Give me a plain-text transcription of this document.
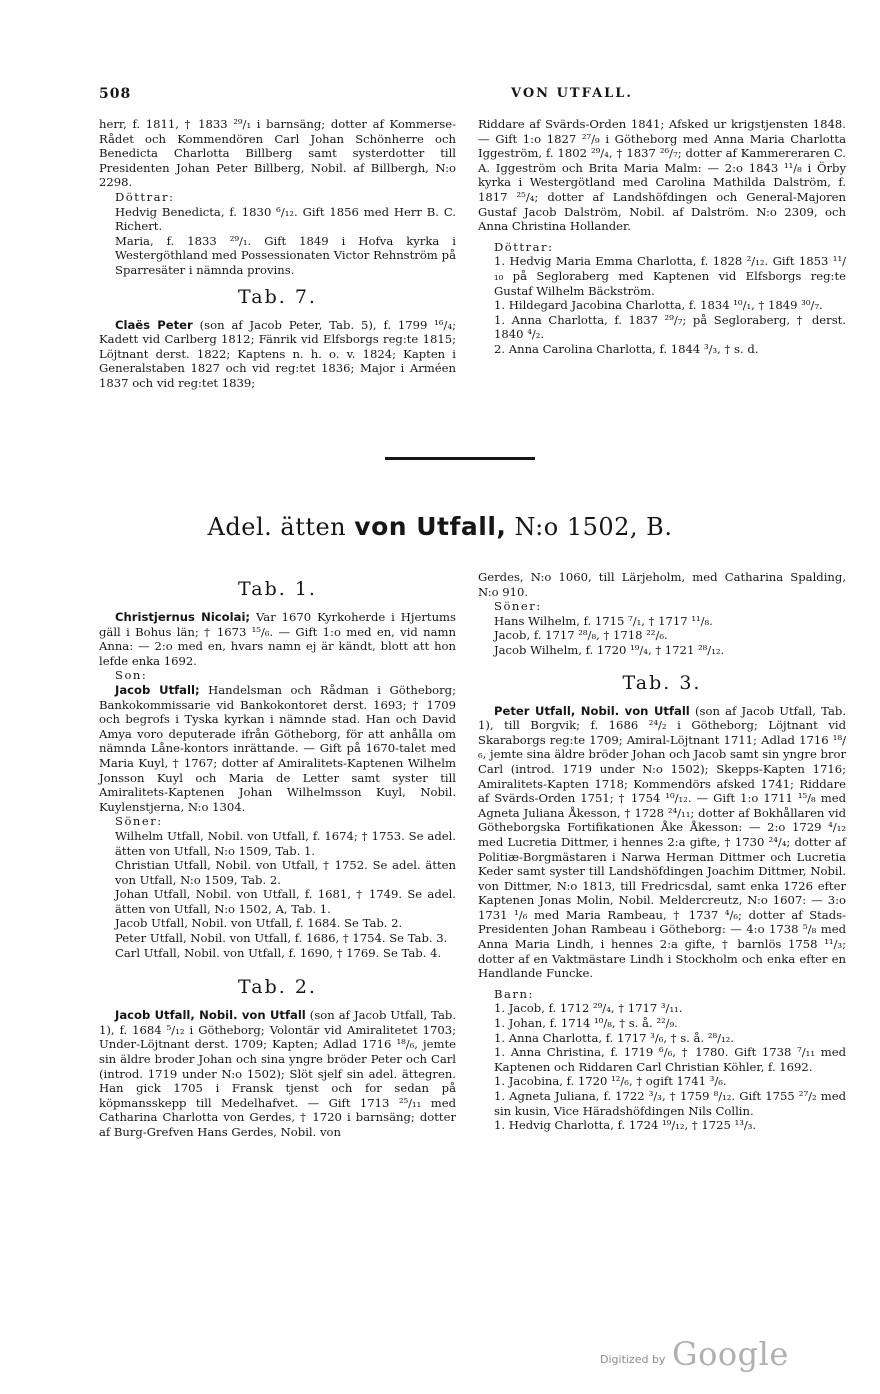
508	VON UTFALL.

herr, f. 1811, † 1833 ²⁹/₁ i barnsäng; dotter af Kommerse-Rådet och Kommendören Carl Johan Schönherre och Benedicta Charlotta Billberg samt systerdotter till Presidenten Johan Peter Billberg, Nobil. af Billbergh, N:o 2298.

Döttrar:

Hedvig Benedicta, f. 1830 ⁶/₁₂. Gift 1856 med Herr B. C. Richert.

Maria, f. 1833 ²⁹/₁. Gift 1849 i Hofva kyrka i Westergöthland med Possessionaten Victor Rehnström på Sparresäter i nämnda provins.

Tab. 7.

Claës Peter (son af Jacob Peter, Tab. 5), f. 1799 ¹⁶/₄; Kadett vid Carlberg 1812; Fänrik vid Elfsborgs reg:te 1815; Löjtnant derst. 1822; Kaptens n. h. o. v. 1824; Kapten i Generalstaben 1827 och vid reg:tet 1836; Major i Arméen 1837 och vid reg:tet 1839;

Riddare af Svärds-Orden 1841; Afsked ur krigstjensten 1848. — Gift 1:o 1827 ²⁷/₉ i Götheborg med Anna Maria Charlotta Iggeström, f. 1802 ²⁹/₄, † 1837 ²⁶/₇; dotter af Kammereraren C. A. Iggeström och Brita Maria Malm: — 2:o 1843 ¹¹/₈ i Örby kyrka i Westergötland med Carolina Mathilda Dalström, f. 1817 ²⁵/₄; dotter af Landshöfdingen och General-Majoren Gustaf Jacob Dalström, Nobil. af Dalström. N:o 2309, och Anna Christina Hollander.

Döttrar:

1. Hedvig Maria Emma Charlotta, f. 1828 ²/₁₂. Gift 1853 ¹¹/₁₀ på Segloraberg med Kaptenen vid Elfsborgs reg:te Gustaf Wilhelm Bäckström.

1. Hildegard Jacobina Charlotta, f. 1834 ¹⁰/₁, † 1849 ³⁰/₇.

1. Anna Charlotta, f. 1837 ²⁹/₇; på Segloraberg, † derst. 1840 ⁴/₂.

2. Anna Carolina Charlotta, f. 1844 ³/₃, † s. d.

Adel. ätten von Utfall, N:o 1502, B.
Tab. 1.

Christjernus Nicolai; Var 1670 Kyrkoherde i Hjertums gäll i Bohus län; † 1673 ¹⁵/₆. — Gift 1:o med en, vid namn Anna: — 2:o med en, hvars namn ej är kändt, blott att hon lefde enka 1692.

Son:

Jacob Utfall; Handelsman och Rådman i Götheborg; Bankokommissarie vid Bankokontoret derst. 1693; † 1709 och begrofs i Tyska kyrkan i nämnde stad. Han och David Amya voro deputerade ifrån Götheborg, för att anhålla om nämnda Låne-kontors inrättande. — Gift på 1670-talet med Maria Kuyl, † 1767; dotter af Amiralitets-Kaptenen Wilhelm Jonsson Kuyl och Maria de Letter samt syster till Amiralitets-Kaptenen Johan Wilhelmsson Kuyl, Nobil. Kuylenstjerna, N:o 1304.

Söner:

Wilhelm Utfall, Nobil. von Utfall, f. 1674; † 1753. Se adel. ätten von Utfall, N:o 1509, Tab. 1.

Christian Utfall, Nobil. von Utfall, † 1752. Se adel. ätten von Utfall, N:o 1509, Tab. 2.

Johan Utfall, Nobil. von Utfall, f. 1681, † 1749. Se adel. ätten von Utfall, N:o 1502, A, Tab. 1.

Jacob Utfall, Nobil. von Utfall, f. 1684. Se Tab. 2.

Peter Utfall, Nobil. von Utfall, f. 1686, † 1754. Se Tab. 3.

Carl Utfall, Nobil. von Utfall, f. 1690, † 1769. Se Tab. 4.

Tab. 2.

Jacob Utfall, Nobil. von Utfall (son af Jacob Utfall, Tab. 1), f. 1684 ⁵/₁₂ i Götheborg; Volontär vid Amiralitetet 1703; Under-Löjtnant derst. 1709; Kapten; Adlad 1716 ¹⁸/₆, jemte sin äldre broder Johan och sina yngre bröder Peter och Carl (introd. 1719 under N:o 1502); Slöt sjelf sin adel. ättegren. Han gick 1705 i Fransk tjenst och for sedan på köpmansskepp till Medelhafvet. — Gift 1713 ²⁵/₁₁ med Catharina Charlotta von Gerdes, † 1720 i barnsäng; dotter af Burg-Grefven Hans Gerdes, Nobil. von

Gerdes, N:o 1060, till Lärjeholm, med Catharina Spalding, N:o 910.

Söner:

Hans Wilhelm, f. 1715 ⁷/₁, † 1717 ¹¹/₈.

Jacob, f. 1717 ²⁸/₈, † 1718 ²²/₆.

Jacob Wilhelm, f. 1720 ¹⁹/₄, † 1721 ²⁸/₁₂.

Tab. 3.

Peter Utfall, Nobil. von Utfall (son af Jacob Utfall, Tab. 1), till Borgvik; f. 1686 ²⁴/₂ i Götheborg; Löjtnant vid Skaraborgs reg:te 1709; Amiral-Löjtnant 1711; Adlad 1716 ¹⁸/₆, jemte sina äldre bröder Johan och Jacob samt sin yngre bror Carl (introd. 1719 under N:o 1502); Skepps-Kapten 1716; Amiralitets-Kapten 1718; Kommendörs afsked 1741; Riddare af Svärds-Orden 1751; † 1754 ¹⁰/₁₂. — Gift 1:o 1711 ¹⁵/₈ med Agneta Juliana Åkesson, † 1728 ²⁴/₁₁; dotter af Bokhållaren vid Götheborgska Fortifikationen Åke Åkesson: — 2:o 1729 ⁴/₁₂ med Lucretia Dittmer, i hennes 2:a gifte, † 1730 ²⁴/₄; dotter af Politiæ-Borgmästaren i Narwa Herman Dittmer och Lucretia Keder samt syster till Landshöfdingen Joachim Dittmer, Nobil. von Dittmer, N:o 1813, till Fredricsdal, samt enka 1726 efter Kaptenen Jonas Molin, Nobil. Meldercreutz, N:o 1607: — 3:o 1731 ¹/₆ med Maria Rambeau, † 1737 ⁴/₆; dotter af Stads-Presidenten Johan Rambeau i Götheborg: — 4:o 1738 ⁵/₈ med Anna Maria Lindh, i hennes 2:a gifte, † barnlös 1758 ¹¹/₃; dotter af en Vaktmästare Lindh i Stockholm och enka efter en Handlande Funcke.

Barn:

1. Jacob, f. 1712 ²⁹/₄, † 1717 ³/₁₁.

1. Johan, f. 1714 ¹⁰/₈, † s. å. ²²/₉.

1. Anna Charlotta, f. 1717 ³/₆, † s. å. ²⁸/₁₂.

1. Anna Christina, f. 1719 ⁶/₆, † 1780. Gift 1738 ⁷/₁₁ med Kaptenen och Riddaren Carl Christian Köhler, f. 1692.

1. Jacobina, f. 1720 ¹²/₆, † ogift 1741 ³/₆.

1. Agneta Juliana, f. 1722 ³/₃, † 1759 ⁸/₁₂. Gift 1755 ²⁷/₂ med sin kusin, Vice Häradshöfdingen Nils Collin.

1. Hedvig Charlotta, f. 1724 ¹⁹/₁₂, † 1725 ¹³/₃.

Digitized by Google
